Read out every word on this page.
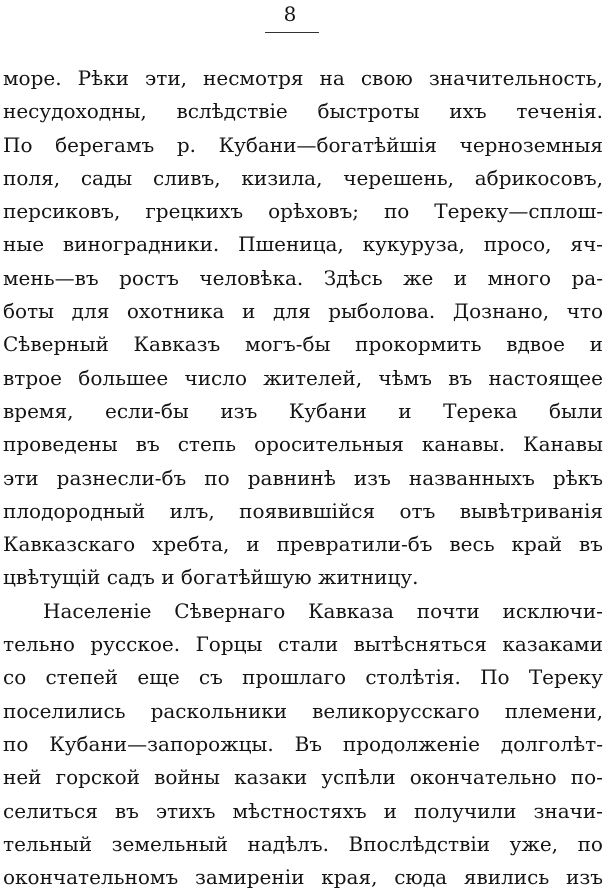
8
море. Рѣки эти, несмотря на свою значительность,
несудоходны, вслѣдствіе быстроты ихъ теченія.
По берегамъ р. Кубани—богатѣйшія черноземныя
поля, сады сливъ, кизила, черешень, абрикосовъ,
персиковъ, грецкихъ орѣховъ; по Тереку—сплош-
ные виноградники. Пшеница, кукуруза, просо, яч-
мень—въ ростъ человѣка. Здѣсь же и много ра-
боты для охотника и для рыболова. Дознано, что
Сѣверный Кавказъ могъ-бы прокормить вдвое и
втрое большее число жителей, чѣмъ въ настоящее
время, если-бы изъ Кубани и Терека были
проведены въ степь оросительныя канавы. Канавы
эти разнесли-бъ по равнинѣ изъ названныхъ рѣкъ
плодородный илъ, появившійся отъ вывѣтриванія
Кавказскаго хребта, и превратили-бъ весь край въ
цвѣтущій садъ и богатѣйшую житницу.
Населеніе Сѣвернаго Кавказа почти исключи-
тельно русское. Горцы стали вытѣсняться казаками
со степей еще съ прошлаго столѣтія. По Тереку
поселились раскольники великорусскаго племени,
по Кубани—запорожцы. Въ продолженіе долголѣт-
ней горской войны казаки успѣли окончательно по-
селиться въ этихъ мѣстностяхъ и получили значи-
тельный земельный надѣлъ. Впослѣдствіи уже, по
окончательномъ замиреніи края, сюда явились изъ
